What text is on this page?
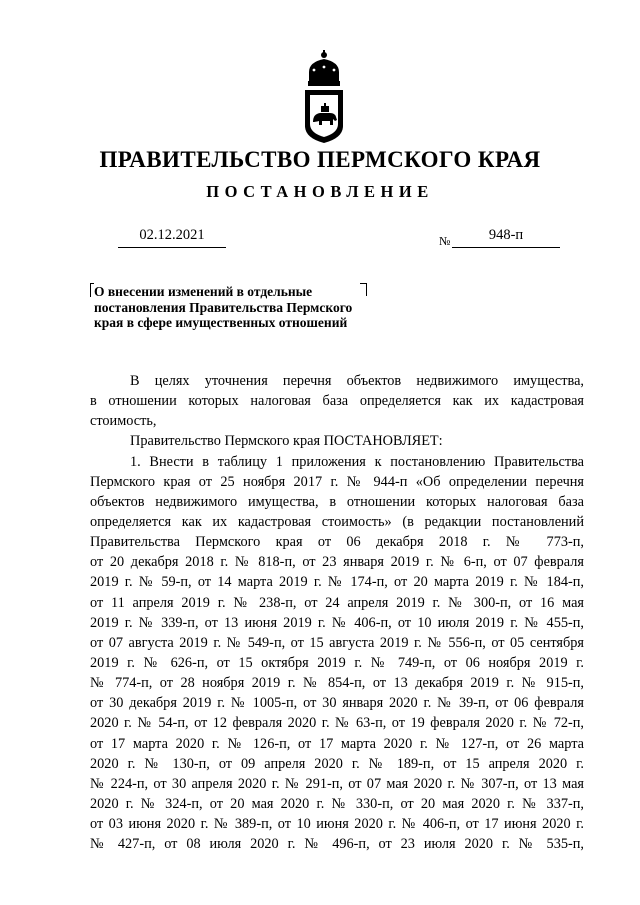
ПРАВИТЕЛЬСТВО ПЕРМСКОГО КРАЯ
ПОСТАНОВЛЕНИЕ
02.12.2021	№	948-п
О внесении изменений в отдельные
постановления Правительства Пермского
края в сфере имущественных отношений
В целях уточнения перечня объектов недвижимого имущества,
в отношении которых налоговая база определяется как их кадастровая
стоимость,
Правительство Пермского края ПОСТАНОВЛЯЕТ:
1. Внести в таблицу 1 приложения к постановлению Правительства
Пермского края от 25 ноября 2017 г. № 944-п «Об определении перечня
объектов недвижимого имущества, в отношении которых налоговая база
определяется как их кадастровая стоимость» (в редакции постановлений
Правительства Пермского края от 06 декабря 2018 г. № 773-п,
от 20 декабря 2018 г. № 818-п, от 23 января 2019 г. № 6-п, от 07 февраля
2019 г. № 59-п, от 14 марта 2019 г. № 174-п, от 20 марта 2019 г. № 184-п,
от 11 апреля 2019 г. № 238-п, от 24 апреля 2019 г. № 300-п, от 16 мая
2019 г. № 339-п, от 13 июня 2019 г. № 406-п, от 10 июля 2019 г. № 455-п,
от 07 августа 2019 г. № 549-п, от 15 августа 2019 г. № 556-п, от 05 сентября
2019 г. № 626-п, от 15 октября 2019 г. № 749-п, от 06 ноября 2019 г.
№ 774-п, от 28 ноября 2019 г. № 854-п, от 13 декабря 2019 г. № 915-п,
от 30 декабря 2019 г. № 1005-п, от 30 января 2020 г. № 39-п, от 06 февраля
2020 г. № 54-п, от 12 февраля 2020 г. № 63-п, от 19 февраля 2020 г. № 72-п,
от 17 марта 2020 г. № 126-п, от 17 марта 2020 г. № 127-п, от 26 марта
2020 г. № 130-п, от 09 апреля 2020 г. № 189-п, от 15 апреля 2020 г.
№ 224-п, от 30 апреля 2020 г. № 291-п, от 07 мая 2020 г. № 307-п, от 13 мая
2020 г. № 324-п, от 20 мая 2020 г. № 330-п, от 20 мая 2020 г. № 337-п,
от 03 июня 2020 г. № 389-п, от 10 июня 2020 г. № 406-п, от 17 июня 2020 г.
№ 427-п, от 08 июля 2020 г. № 496-п, от 23 июля 2020 г. № 535-п,
